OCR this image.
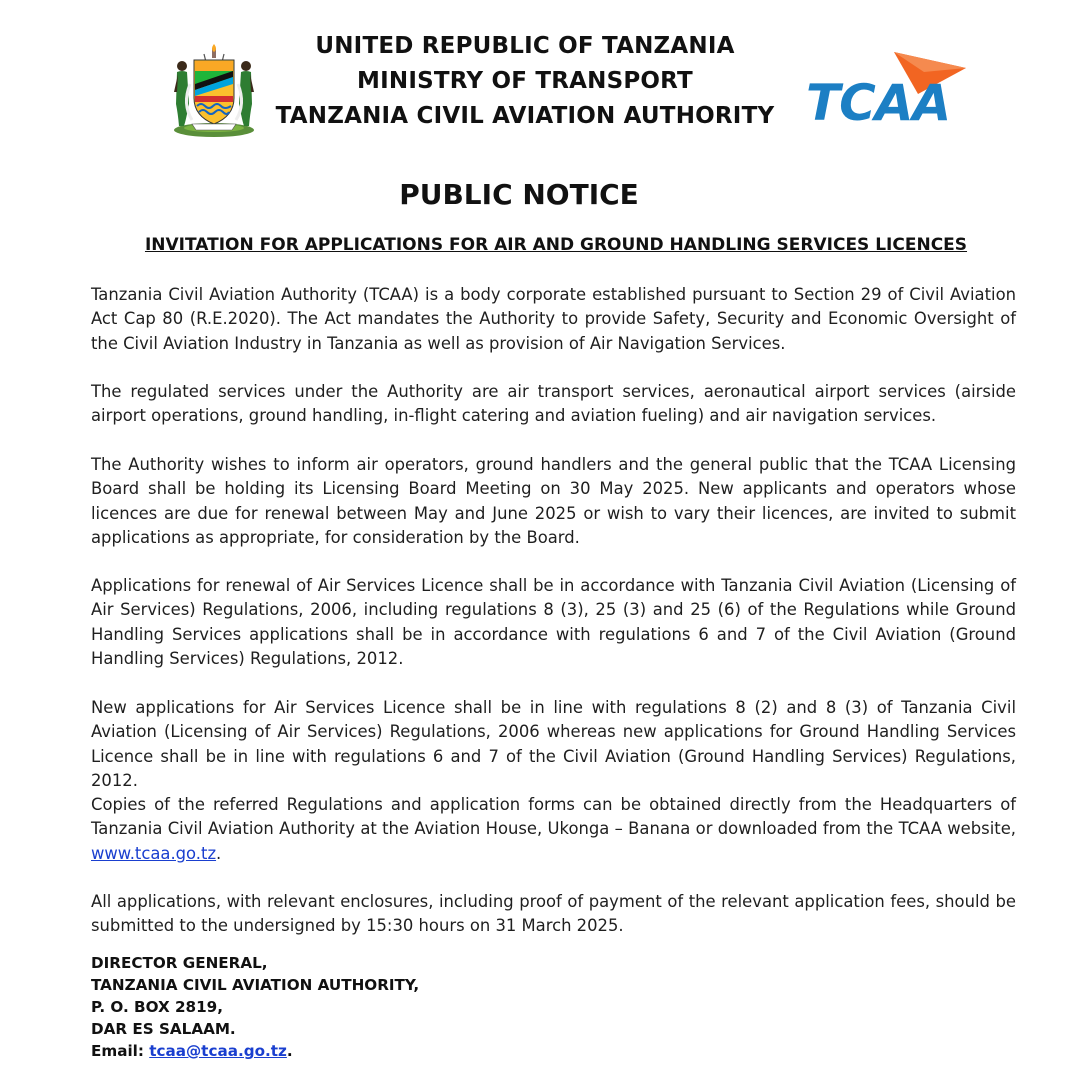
UNITED REPUBLIC OF TANZANIA
MINISTRY OF TRANSPORT
TANZANIA CIVIL AVIATION AUTHORITY TCAA
PUBLIC NOTICE
INVITATION FOR APPLICATIONS FOR AIR AND GROUND HANDLING SERVICES LICENCES

Tanzania Civil Aviation Authority (TCAA) is a body corporate established pursuant to Section 29 of Civil Aviation Act Cap 80 (R.E.2020). The Act mandates the Authority to provide Safety, Security and Economic Oversight of the Civil Aviation Industry in Tanzania as well as provision of Air Navigation Services.

The regulated services under the Authority are air transport services, aeronautical airport services (airside airport operations, ground handling, in-flight catering and aviation fueling) and air navigation services.

The Authority wishes to inform air operators, ground handlers and the general public that the TCAA Licensing Board shall be holding its Licensing Board Meeting on 30 May 2025. New applicants and operators whose licences are due for renewal between May and June 2025 or wish to vary their licences, are invited to submit applications as appropriate, for consideration by the Board.

Applications for renewal of Air Services Licence shall be in accordance with Tanzania Civil Aviation (Licensing of Air Services) Regulations, 2006, including regulations 8 (3), 25 (3) and 25 (6) of the Regulations while Ground Handling Services applications shall be in accordance with regulations 6 and 7 of the Civil Aviation (Ground Handling Services) Regulations, 2012.

New applications for Air Services Licence shall be in line with regulations 8 (2) and 8 (3) of Tanzania Civil Aviation (Licensing of Air Services) Regulations, 2006 whereas new applications for Ground Handling Services Licence shall be in line with regulations 6 and 7 of the Civil Aviation (Ground Handling Services) Regulations, 2012.

Copies of the referred Regulations and application forms can be obtained directly from the Headquarters of Tanzania Civil Aviation Authority at the Aviation House, Ukonga – Banana or downloaded from the TCAA website, www.tcaa.go.tz.

All applications, with relevant enclosures, including proof of payment of the relevant application fees, should be submitted to the undersigned by 15:30 hours on 31 March 2025.

DIRECTOR GENERAL,
TANZANIA CIVIL AVIATION AUTHORITY,
P. O. BOX 2819,
DAR ES SALAAM.
Email: tcaa@tcaa.go.tz.
